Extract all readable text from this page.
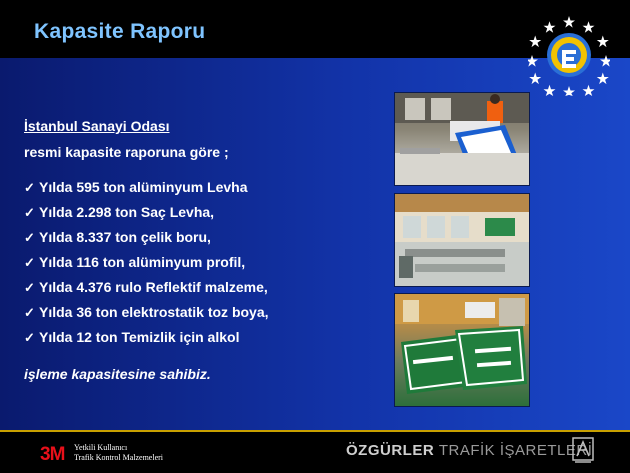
Kapasite Raporu
İstanbul Sanayi Odası
resmi kapasite raporuna göre ;
✓ Yılda 595 ton alüminyum Levha
✓ Yılda 2.298 ton Saç Levha,
✓ Yılda 8.337 ton çelik boru,
✓ Yılda 116 ton alüminyum profil,
✓ Yılda 4.376 rulo Reflektif malzeme,
✓ Yılda 36 ton elektrostatik toz boya,
✓ Yılda 12 ton Temizlik için alkol
işleme kapasitesine sahibiz.
3M Yetkili Kullanıcı
Trafik Kontrol Malzemeleri	ÖZGÜRLER TRAFİK İŞARETLERİ
